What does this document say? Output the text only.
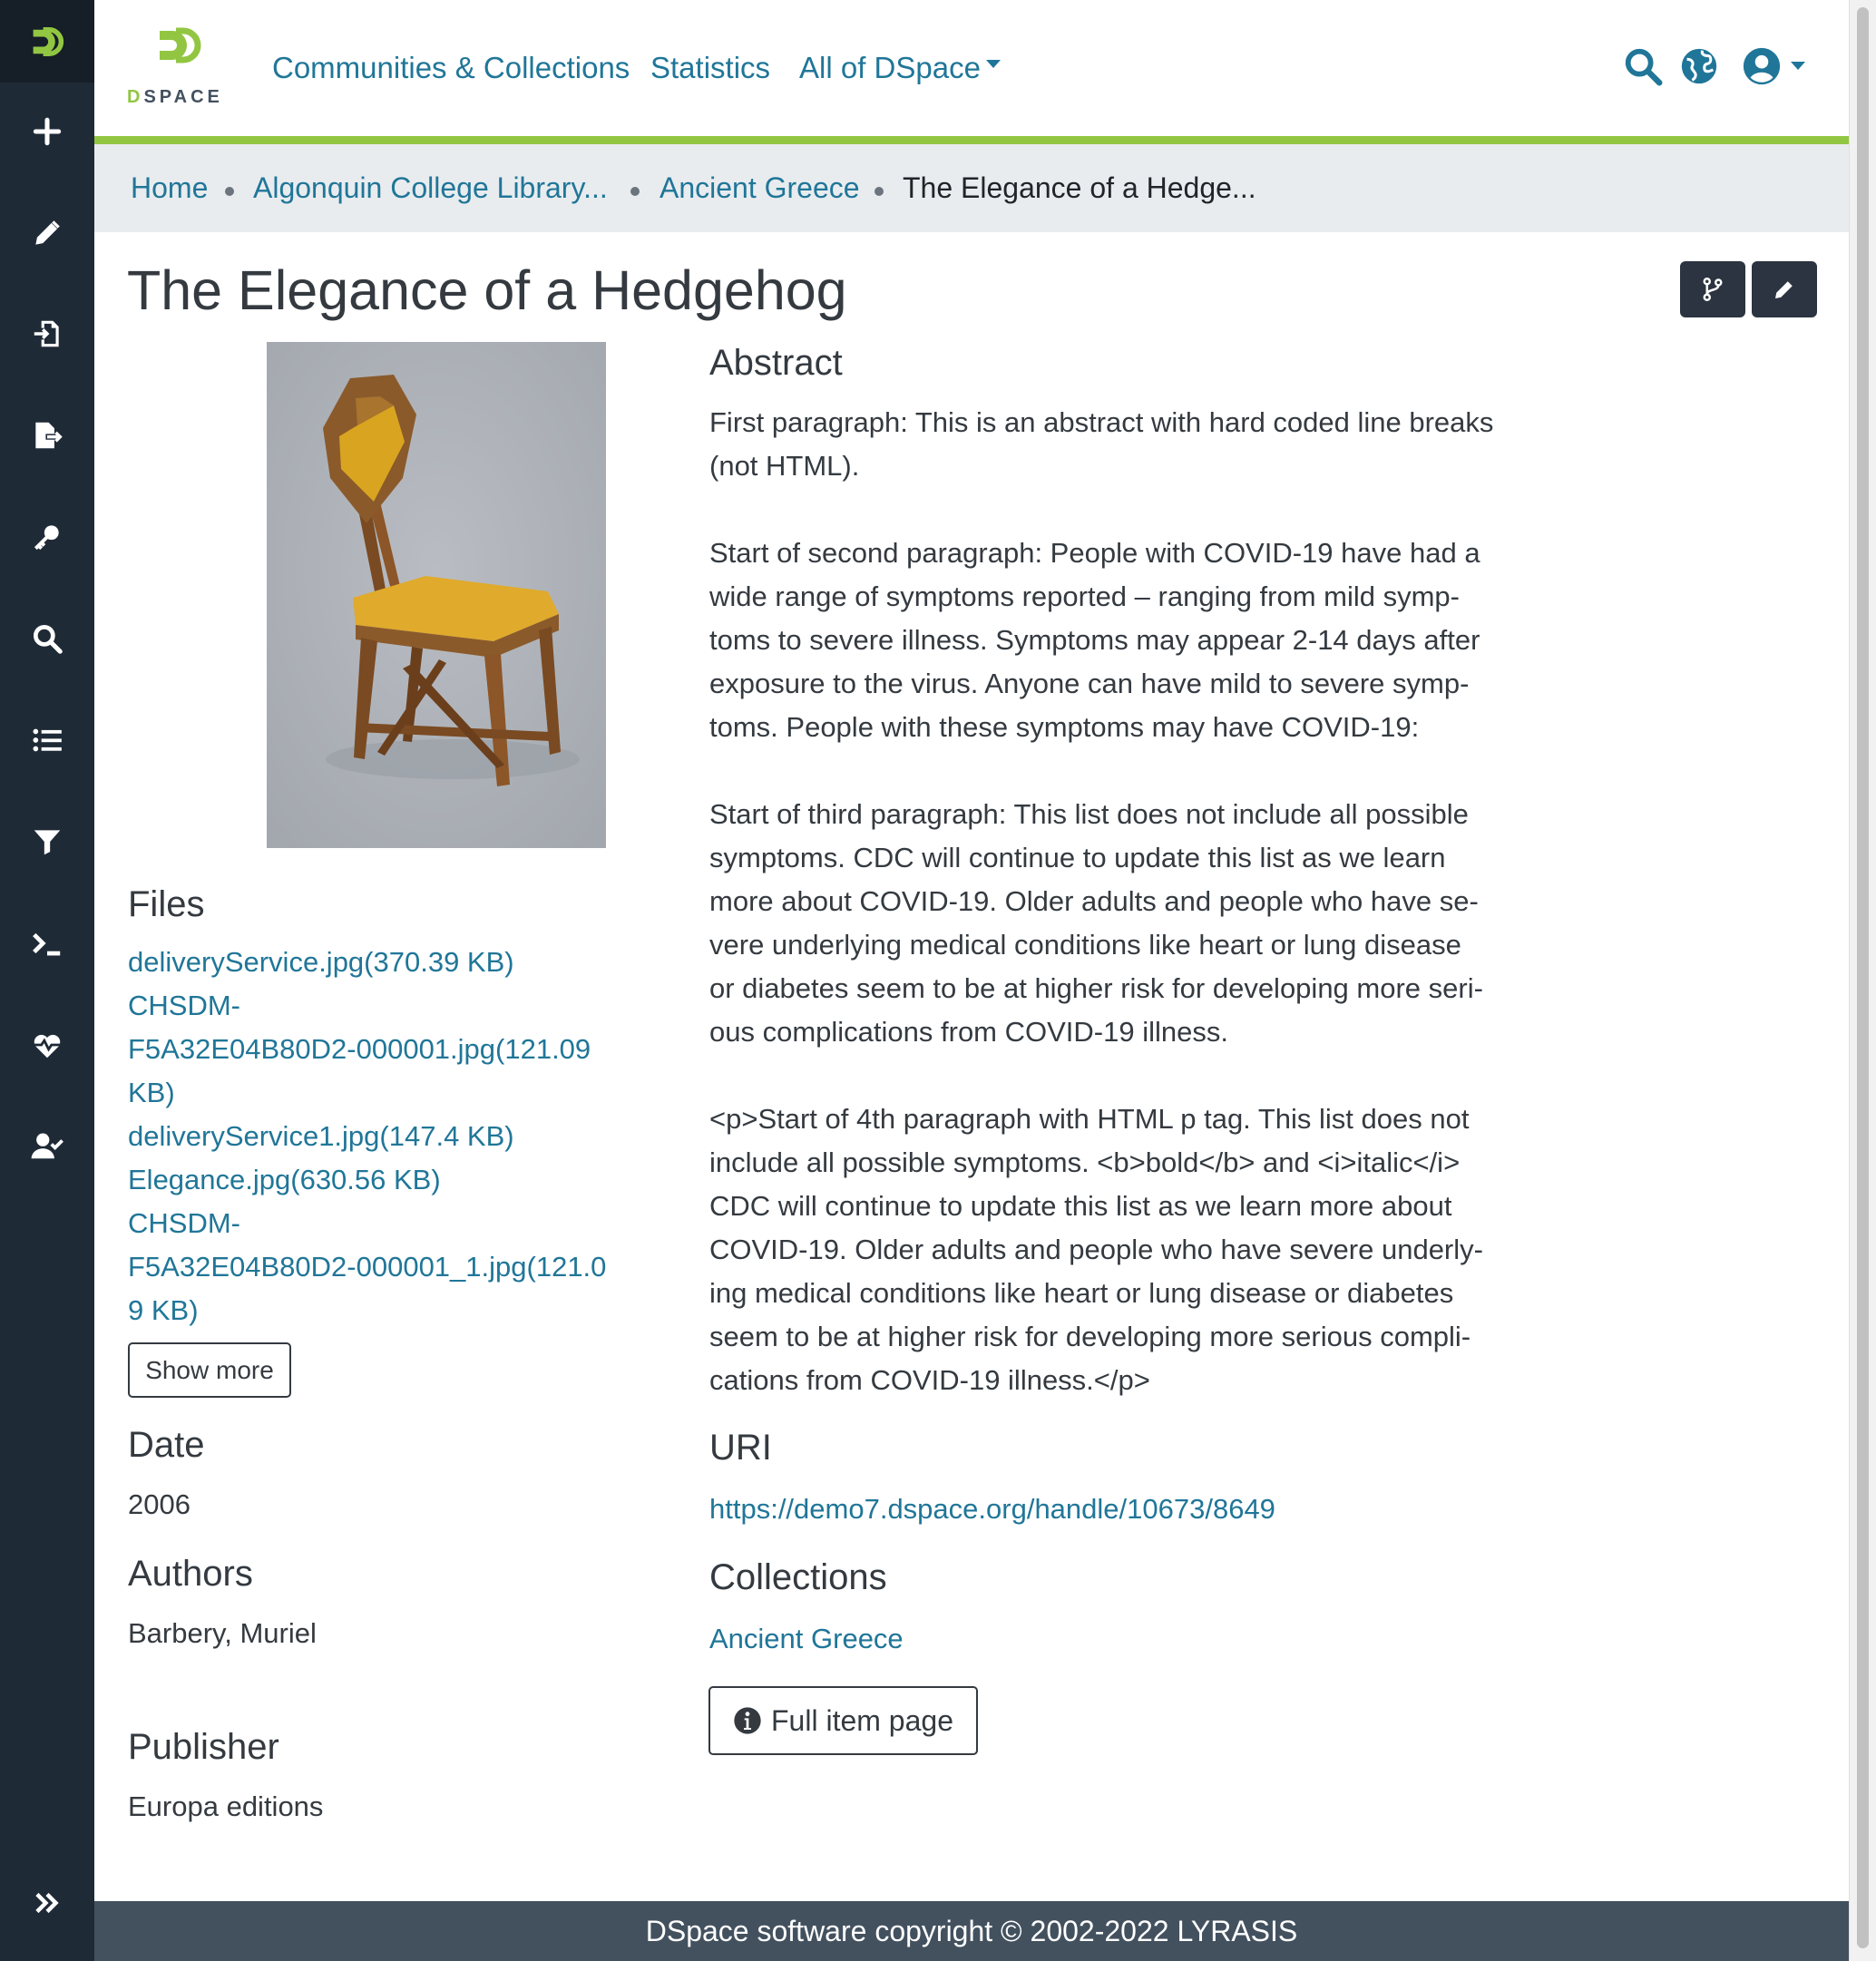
DSPACE
Communities & Collections Statistics All of DSpace
Home Algonquin College Library... Ancient Greece The Elegance of a Hedge...
The Elegance of a Hedgehog
Files
deliveryService.jpg(370.39 KB)
CHSDM-
F5A32E04B80D2-000001.jpg(121.09
KB)
deliveryService1.jpg(147.4 KB)
Elegance.jpg(630.56 KB)
CHSDM-
F5A32E04B80D2-000001_1.jpg(121.0
9 KB)
Show more
Date
2006
Authors
Barbery, Muriel
Publisher
Europa editions
Abstract

First paragraph: This is an abstract with hard coded line breaks
(not HTML).

Start of second paragraph: People with COVID-19 have had a
wide range of symptoms reported – ranging from mild symp-
toms to severe illness. Symptoms may appear 2-14 days after
exposure to the virus. Anyone can have mild to severe symp-
toms. People with these symptoms may have COVID-19:

Start of third paragraph: This list does not include all possible
symptoms. CDC will continue to update this list as we learn
more about COVID-19. Older adults and people who have se-
vere underlying medical conditions like heart or lung disease
or diabetes seem to be at higher risk for developing more seri-
ous complications from COVID-19 illness.

<p>Start of 4th paragraph with HTML p tag. This list does not
include all possible symptoms. <b>bold</b> and <i>italic</i>
CDC will continue to update this list as we learn more about
COVID-19. Older adults and people who have severe underly-
ing medical conditions like heart or lung disease or diabetes
seem to be at higher risk for developing more serious compli-
cations from COVID-19 illness.</p>

URI
https://demo7.dspace.org/handle/10673/8649
Collections
Ancient Greece
Full item page
DSpace software copyright © 2002-2022 LYRASIS
